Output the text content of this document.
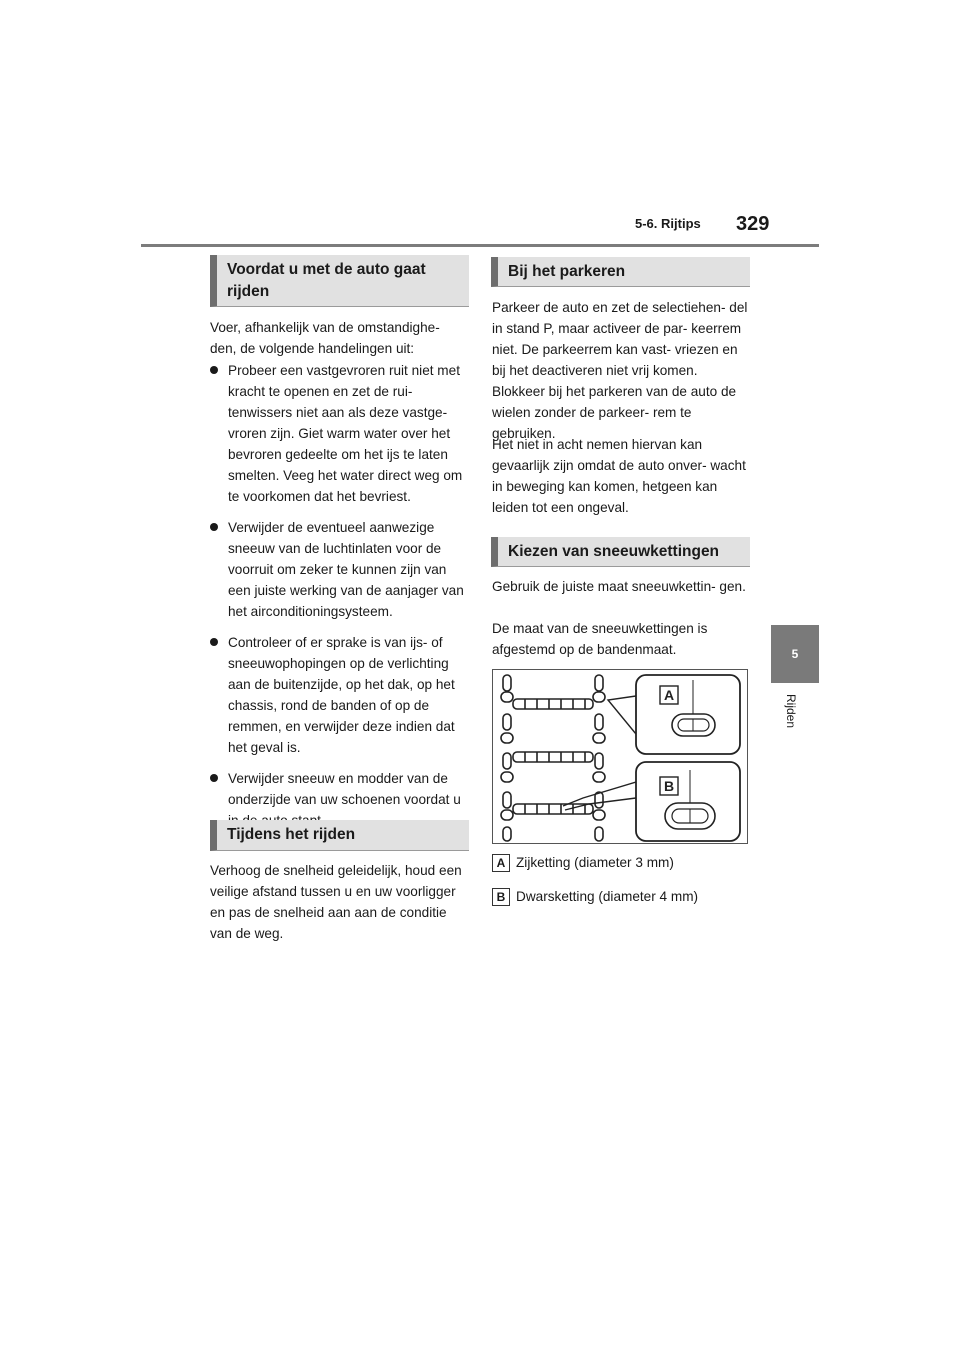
5-6. Rijtips 329
5
Rijden
Voordat u met de auto gaat rijden

Voer, afhankelijk van de omstandighe- den, de volgende handelingen uit:

Probeer een vastgevroren ruit niet met kracht te openen en zet de rui- tenwissers niet aan als deze vastge- vroren zijn. Giet warm water over het bevroren gedeelte om het ijs te laten smelten. Veeg het water direct weg om te voorkomen dat het bevriest.
Verwijder de eventueel aanwezige sneeuw van de luchtinlaten voor de voorruit om zeker te kunnen zijn van een juiste werking van de aanjager van het airconditioningsysteem.
Controleer of er sprake is van ijs- of sneeuwophopingen op de verlichting aan de buitenzijde, op het dak, op het chassis, rond de banden of op de remmen, en verwijder deze indien dat het geval is.
Verwijder sneeuw en modder van de onderzijde van uw schoenen voordat u
Tijdens het rijden

Verhoog de snelheid geleidelijk, houd een veilige afstand tussen u en uw voorligger en pas de snelheid aan aan de conditie van de weg.

Bij het parkeren

Parkeer de auto en zet de selectiehen- del in stand P, maar activeer de par- keerrem niet. De parkeerrem kan vast- vriezen en bij het deactiveren niet vrij komen. Blokkeer bij het parkeren van de auto de wielen zonder de parkeer- rem te gebruiken.

Het niet in acht nemen hiervan kan gevaarlijk zijn omdat de auto onver- wacht in beweging kan komen, hetgeen kan leiden tot een ongeval.

Kiezen van sneeuwkettingen

Gebruik de juiste maat sneeuwkettin- gen.

De maat van de sneeuwkettingen is afgestemd op de bandenmaat.

A
B
A Zijketting (diameter 3 mm)
B Dwarsketting (diameter 4 mm)
